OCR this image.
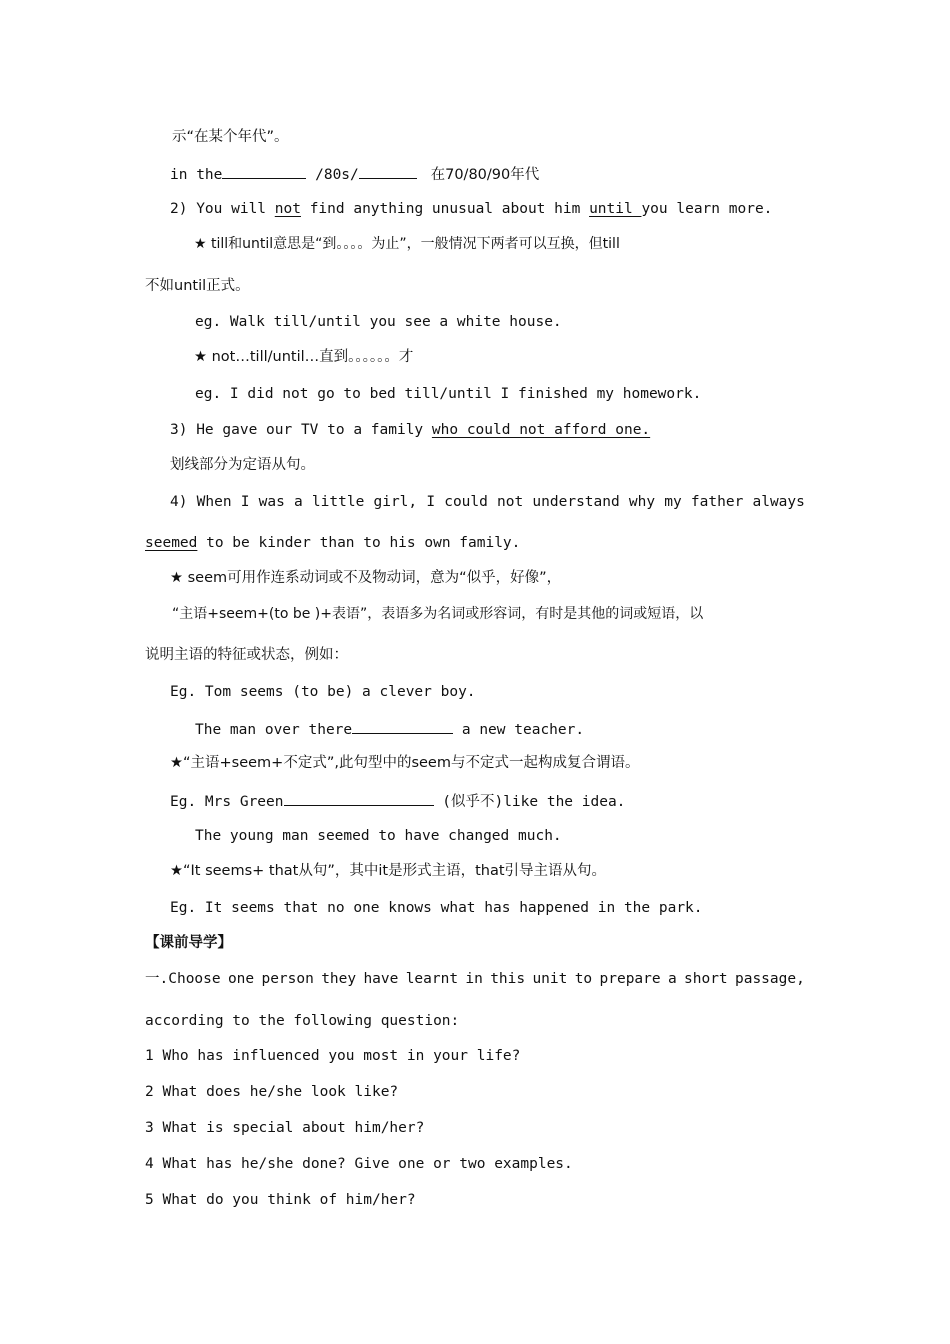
示“在某个年代”。
in the	/80s/	在70/80/90年代
2) You will not find anything unusual about him until you learn more.
★ till和until意思是“到。。。。为止”，一般情况下两者可以互换，但till
不如until正式。
eg. Walk till/until you see a white house.
★ not…till/until…直到。。。。。。才
eg. I did not go to bed till/until I finished my homework.
3) He gave our TV to a family who could not afford one.
划线部分为定语从句。
4) When I was a little girl, I could not understand why my father always
seemed to be kinder than to his own family.
★ seem可用作连系动词或不及物动词，意为“似乎，好像”，
“主语+seem+(to be )+表语”，表语多为名词或形容词，有时是其他的词或短语，以
说明主语的特征或状态，例如：
Eg. Tom seems (to be) a clever boy.
The man over there	a new teacher.
★“主语+seem+不定式”,此句型中的seem与不定式一起构成复合谓语。
Eg. Mrs Green	(似乎不)like the idea.
The young man seemed to have changed much.
★“It seems+ that从句”，其中it是形式主语，that引导主语从句。
Eg. It seems that no one knows what has happened in the park.
【课前导学】
一.Choose one person they have learnt in this unit to prepare a short passage,
according to the following question:
1 Who has influenced you most in your life?
2 What does he/she look like?
3 What is special about him/her?
4 What has he/she done? Give one or two examples.
5 What do you think of him/her?
